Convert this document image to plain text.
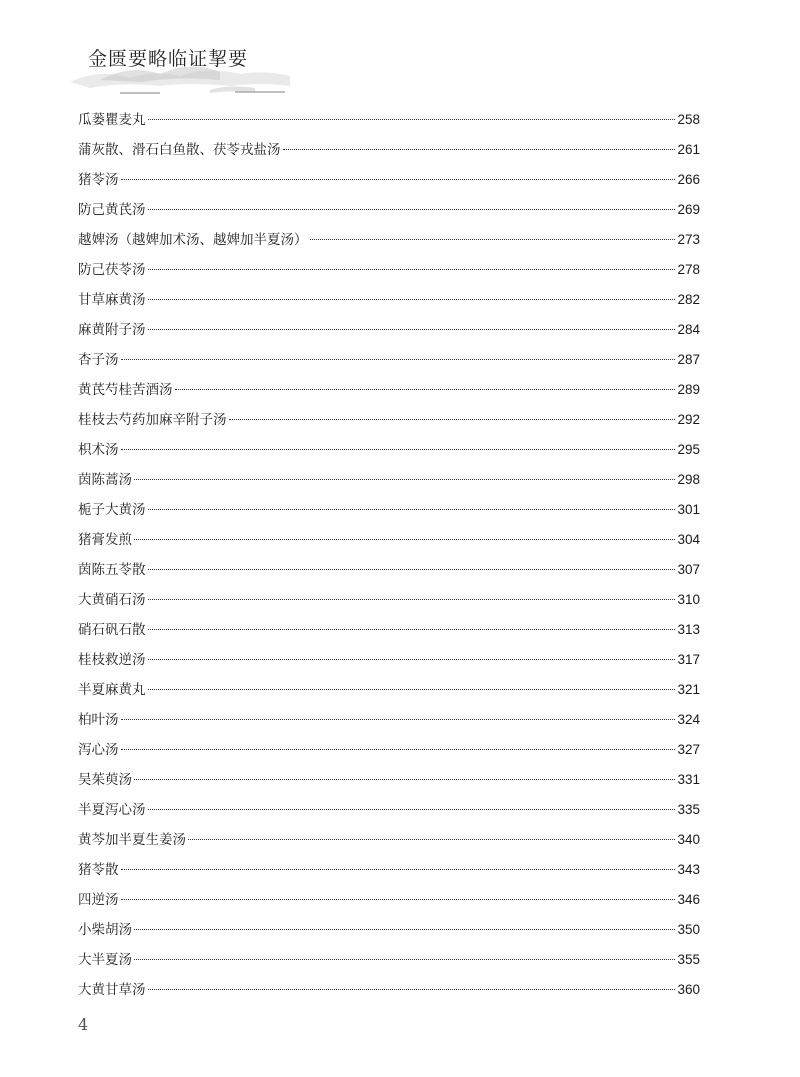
金匮要略临证挈要
瓜蒌瞿麦丸	258
蒲灰散、滑石白鱼散、茯苓戎盐汤	261
猪苓汤	266
防己黄芪汤	269
越婢汤（越婢加术汤、越婢加半夏汤）	273
防己茯苓汤	278
甘草麻黄汤	282
麻黄附子汤	284
杏子汤	287
黄芪芍桂苦酒汤	289
桂枝去芍药加麻辛附子汤	292
枳术汤	295
茵陈蒿汤	298
栀子大黄汤	301
猪膏发煎	304
茵陈五苓散	307
大黄硝石汤	310
硝石矾石散	313
桂枝救逆汤	317
半夏麻黄丸	321
柏叶汤	324
泻心汤	327
吴茱萸汤	331
半夏泻心汤	335
黄芩加半夏生姜汤	340
猪苓散	343
四逆汤	346
小柴胡汤	350
大半夏汤	355
大黄甘草汤	360
4
